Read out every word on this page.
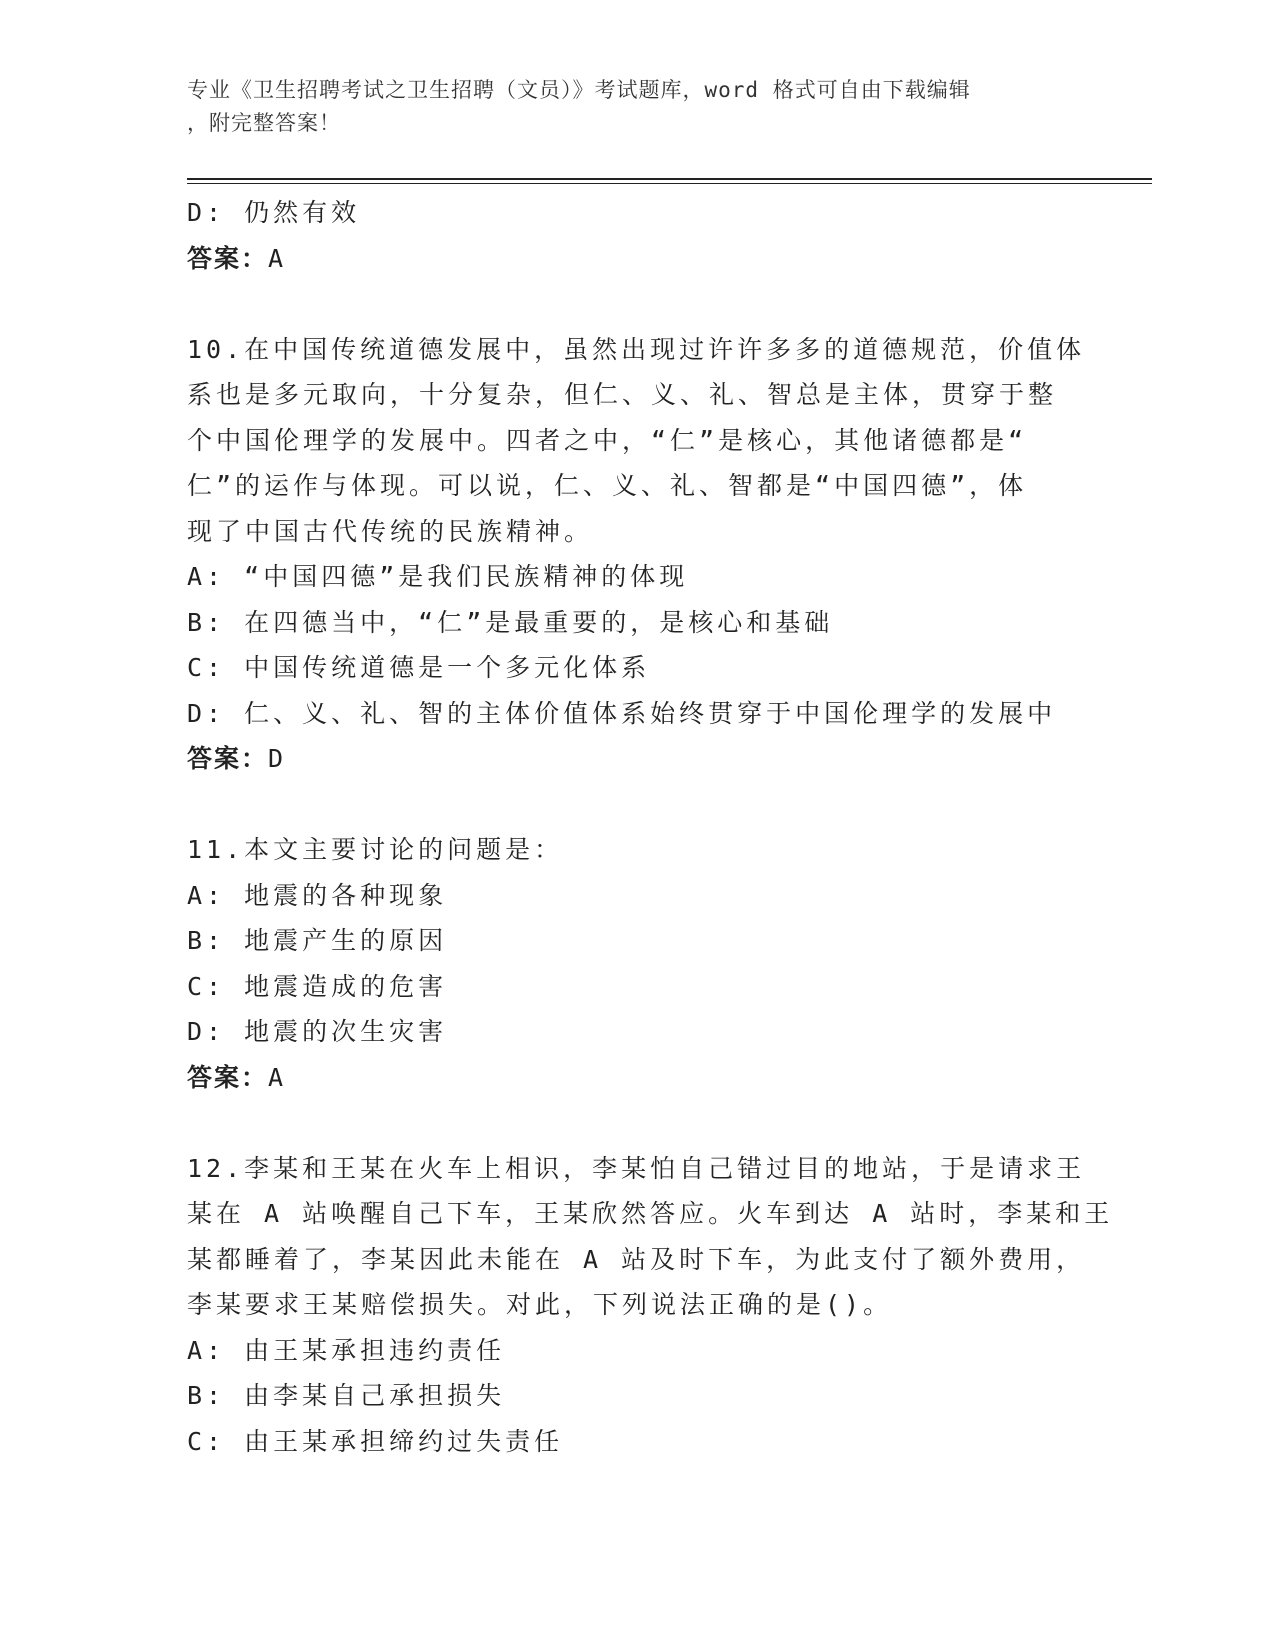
专业《卫生招聘考试之卫生招聘（文员）》考试题库，word 格式可自由下载编辑
，附完整答案！
D: 仍然有效
答案：A
10.在中国传统道德发展中，虽然出现过许许多多的道德规范，价值体
系也是多元取向，十分复杂，但仁、义、礼、智总是主体，贯穿于整
个中国伦理学的发展中。四者之中，“仁”是核心，其他诸德都是“
仁”的运作与体现。可以说，仁、义、礼、智都是“中国四德”，体
现了中国古代传统的民族精神。
A: “中国四德”是我们民族精神的体现
B: 在四德当中，“仁”是最重要的，是核心和基础
C: 中国传统道德是一个多元化体系
D: 仁、义、礼、智的主体价值体系始终贯穿于中国伦理学的发展中
答案：D
11.本文主要讨论的问题是：
A: 地震的各种现象
B: 地震产生的原因
C: 地震造成的危害
D: 地震的次生灾害
答案：A
12.李某和王某在火车上相识，李某怕自己错过目的地站，于是请求王
某在 A 站唤醒自己下车，王某欣然答应。火车到达 A 站时，李某和王
某都睡着了，李某因此未能在 A 站及时下车，为此支付了额外费用，
李某要求王某赔偿损失。对此，下列说法正确的是()。
A: 由王某承担违约责任
B: 由李某自己承担损失
C: 由王某承担缔约过失责任
